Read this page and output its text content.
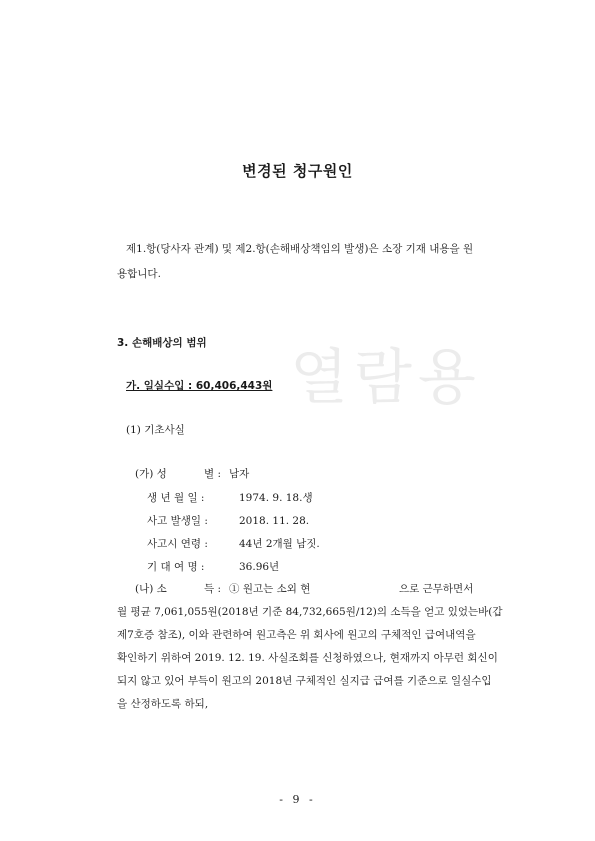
열람용
변경된 청구원인
제1.항(당사자 관계) 및 제2.항(손해배상책임의 발생)은 소장 기재 내용을 원
용합니다.
3. 손해배상의 범위
가. 일실수입 : 60,406,443원
(1) 기초사실
(가) 성	별 : 남자
생 년 월 일 :	1974. 9. 18.생
사고 발생일 :	2018. 11. 28.
사고시 연령 :	44년 2개월 남짓.
기 대 여 명 :	36.96년
(나) 소	득 : ① 원고는 소외 현	으로 근무하면서
월 평균 7,061,055원(2018년 기준 84,732,665원/12)의 소득을 얻고 있었는바(갑
제7호증 참조), 이와 관련하여 원고측은 위 회사에 원고의 구체적인 급여내역을
확인하기 위하여 2019. 12. 19. 사실조회를 신청하였으나, 현재까지 아무런 회신이
되지 않고 있어 부득이 원고의 2018년 구체적인 실지급 급여를 기준으로 일실수입
을 산정하도록 하되,
- 9 -
